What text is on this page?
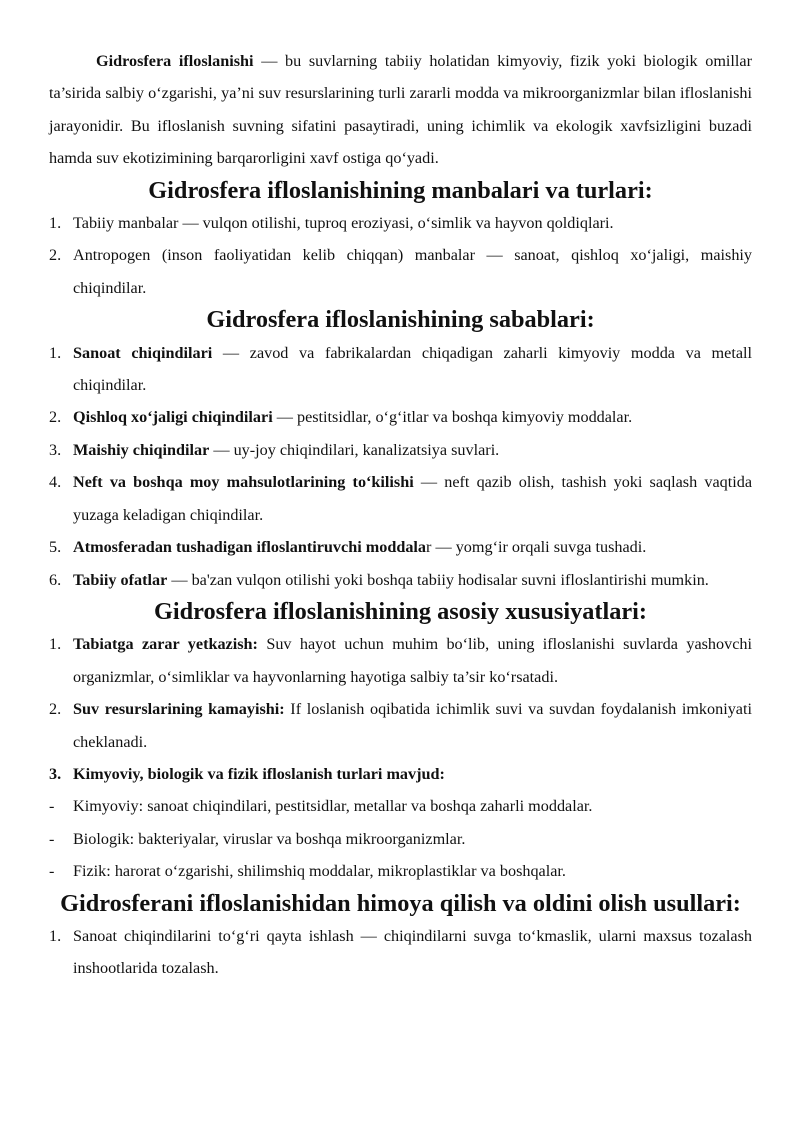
Gidrosfera ifloslanishi — bu suvlarning tabiiy holatidan kimyoviy, fizik yoki biologik omillar ta’sirida salbiy o‘zgarishi, ya’ni suv resurslarining turli zararli modda va mikroorganizmlar bilan ifloslanishi jarayonidir. Bu ifloslanish suvning sifatini pasaytiradi, uning ichimlik va ekologik xavfsizligini buzadi hamda suv ekotizimining barqarorligini xavf ostiga qo‘yadi.

Gidrosfera ifloslanishining manbalari va turlari:
1. Tabiiy manbalar — vulqon otilishi, tuproq eroziyasi, o‘simlik va hayvon qoldiqlari.
2. Antropogen (inson faoliyatidan kelib chiqqan) manbalar — sanoat, qishloq xo‘jaligi, maishiy chiqindilar.
Gidrosfera ifloslanishining sabablari:
1. Sanoat chiqindilari — zavod va fabrikalardan chiqadigan zaharli kimyoviy modda va metall chiqindilar.
2. Qishloq xo‘jaligi chiqindilari — pestitsidlar, o‘g‘itlar va boshqa kimyoviy moddalar.
3. Maishiy chiqindilar — uy-joy chiqindilari, kanalizatsiya suvlari.
4. Neft va boshqa moy mahsulotlarining to‘kilishi — neft qazib olish, tashish yoki saqlash vaqtida yuzaga keladigan chiqindilar.
5. Atmosferadan tushadigan ifloslantiruvchi moddalar — yomg‘ir orqali suvga tushadi.
6. Tabiiy ofatlar — ba'zan vulqon otilishi yoki boshqa tabiiy hodisalar suvni ifloslantirishi mumkin.
Gidrosfera ifloslanishining asosiy xususiyatlari:
1. Tabiatga zarar yetkazish: Suv hayot uchun muhim bo‘lib, uning ifloslanishi suvlarda yashovchi organizmlar, o‘simliklar va hayvonlarning hayotiga salbiy ta’sir ko‘rsatadi.
2. Suv resurslarining kamayishi: If loslanish oqibatida ichimlik suvi va suvdan foydalanish imkoniyati cheklanadi.
3. Kimyoviy, biologik va fizik ifloslanish turlari mavjud:
- Kimyoviy: sanoat chiqindilari, pestitsidlar, metallar va boshqa zaharli moddalar.
- Biologik: bakteriyalar, viruslar va boshqa mikroorganizmlar.
- Fizik: harorat o‘zgarishi, shilimshiq moddalar, mikroplastiklar va boshqalar.
Gidrosferani ifloslanishidan himoya qilish va oldini olish usullari:
1. Sanoat chiqindilarini to‘g‘ri qayta ishlash — chiqindilarni suvga to‘kmaslik, ularni maxsus tozalash inshootlarida tozalash.
